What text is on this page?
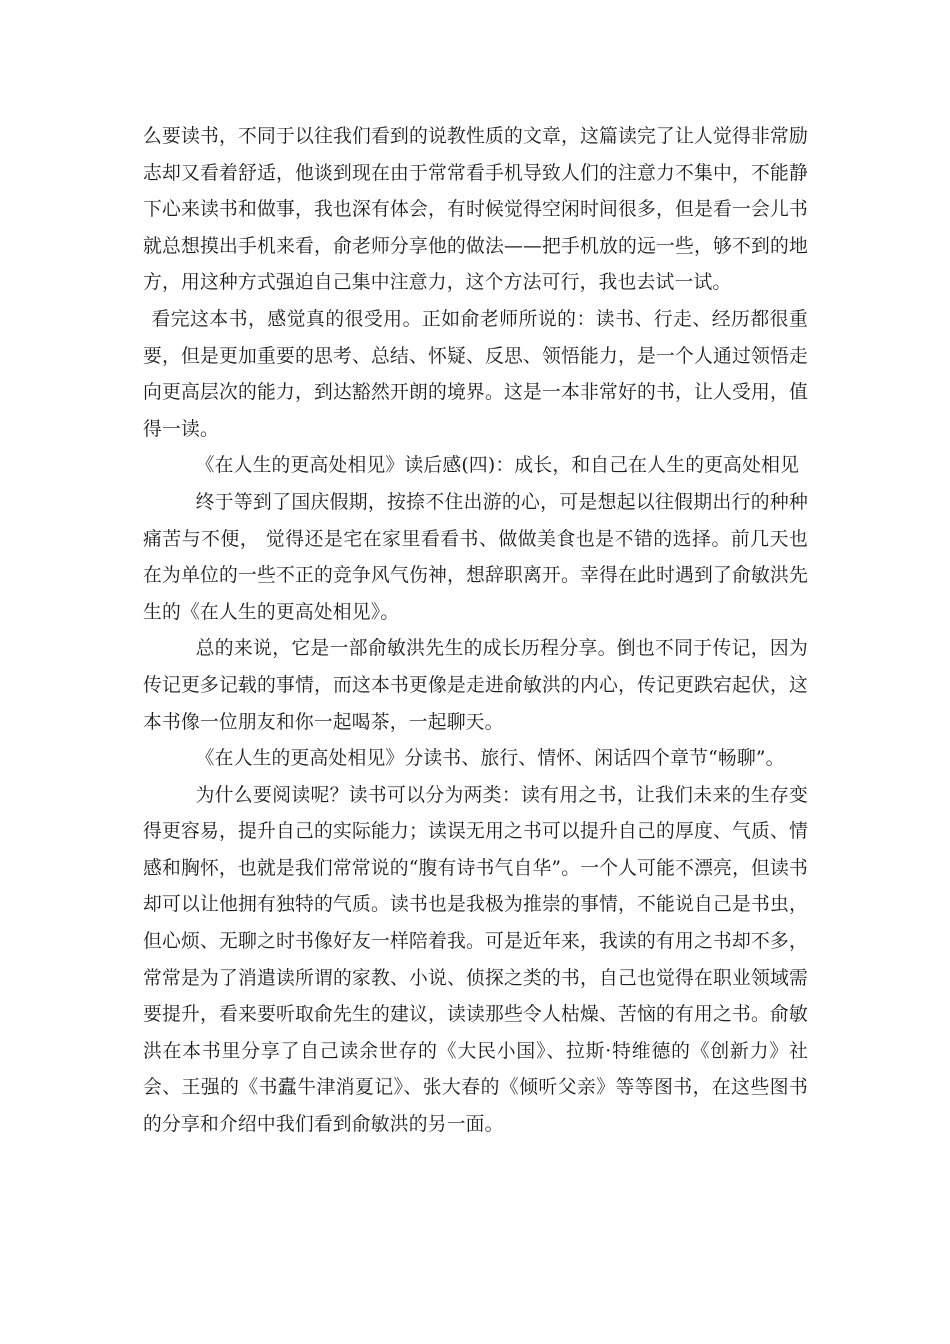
么要读书，不同于以往我们看到的说教性质的文章，这篇读完了让人觉得非常励志却又看着舒适，他谈到现在由于常常看手机导致人们的注意力不集中，不能静下心来读书和做事，我也深有体会，有时候觉得空闲时间很多，但是看一会儿书就总想摸出手机来看，俞老师分享他的做法——把手机放的远一些，够不到的地方，用这种方式强迫自己集中注意力，这个方法可行，我也去试一试。

看完这本书，感觉真的很受用。正如俞老师所说的：读书、行走、经历都很重要，但是更加重要的思考、总结、怀疑、反思、领悟能力，是一个人通过领悟走向更高层次的能力，到达豁然开朗的境界。这是一本非常好的书，让人受用，值得一读。

《在人生的更高处相见》读后感(四)：成长，和自己在人生的更高处相见

终于等到了国庆假期，按捺不住出游的心，可是想起以往假期出行的种种痛苦与不便， 觉得还是宅在家里看看书、做做美食也是不错的选择。前几天也在为单位的一些不正的竞争风气伤神，想辞职离开。幸得在此时遇到了俞敏洪先生的《在人生的更高处相见》。

总的来说，它是一部俞敏洪先生的成长历程分享。倒也不同于传记，因为传记更多记载的事情，而这本书更像是走进俞敏洪的内心，传记更跌宕起伏，这本书像一位朋友和你一起喝茶，一起聊天。

《在人生的更高处相见》分读书、旅行、情怀、闲话四个章节“畅聊”。

为什么要阅读呢？读书可以分为两类：读有用之书，让我们未来的生存变得更容易，提升自己的实际能力；读误无用之书可以提升自己的厚度、气质、情感和胸怀，也就是我们常常说的“腹有诗书气自华”。一个人可能不漂亮，但读书却可以让他拥有独特的气质。读书也是我极为推崇的事情，不能说自己是书虫，但心烦、无聊之时书像好友一样陪着我。可是近年来，我读的有用之书却不多，常常是为了消遣读所谓的家教、小说、侦探之类的书，自己也觉得在职业领域需要提升，看来要听取俞先生的建议，读读那些令人枯燥、苦恼的有用之书。俞敏洪在本书里分享了自己读余世存的《大民小国》、拉斯·特维德的《创新力》社会、王强的《书蠹牛津消夏记》、张大春的《倾听父亲》等等图书，在这些图书的分享和介绍中我们看到俞敏洪的另一面。
